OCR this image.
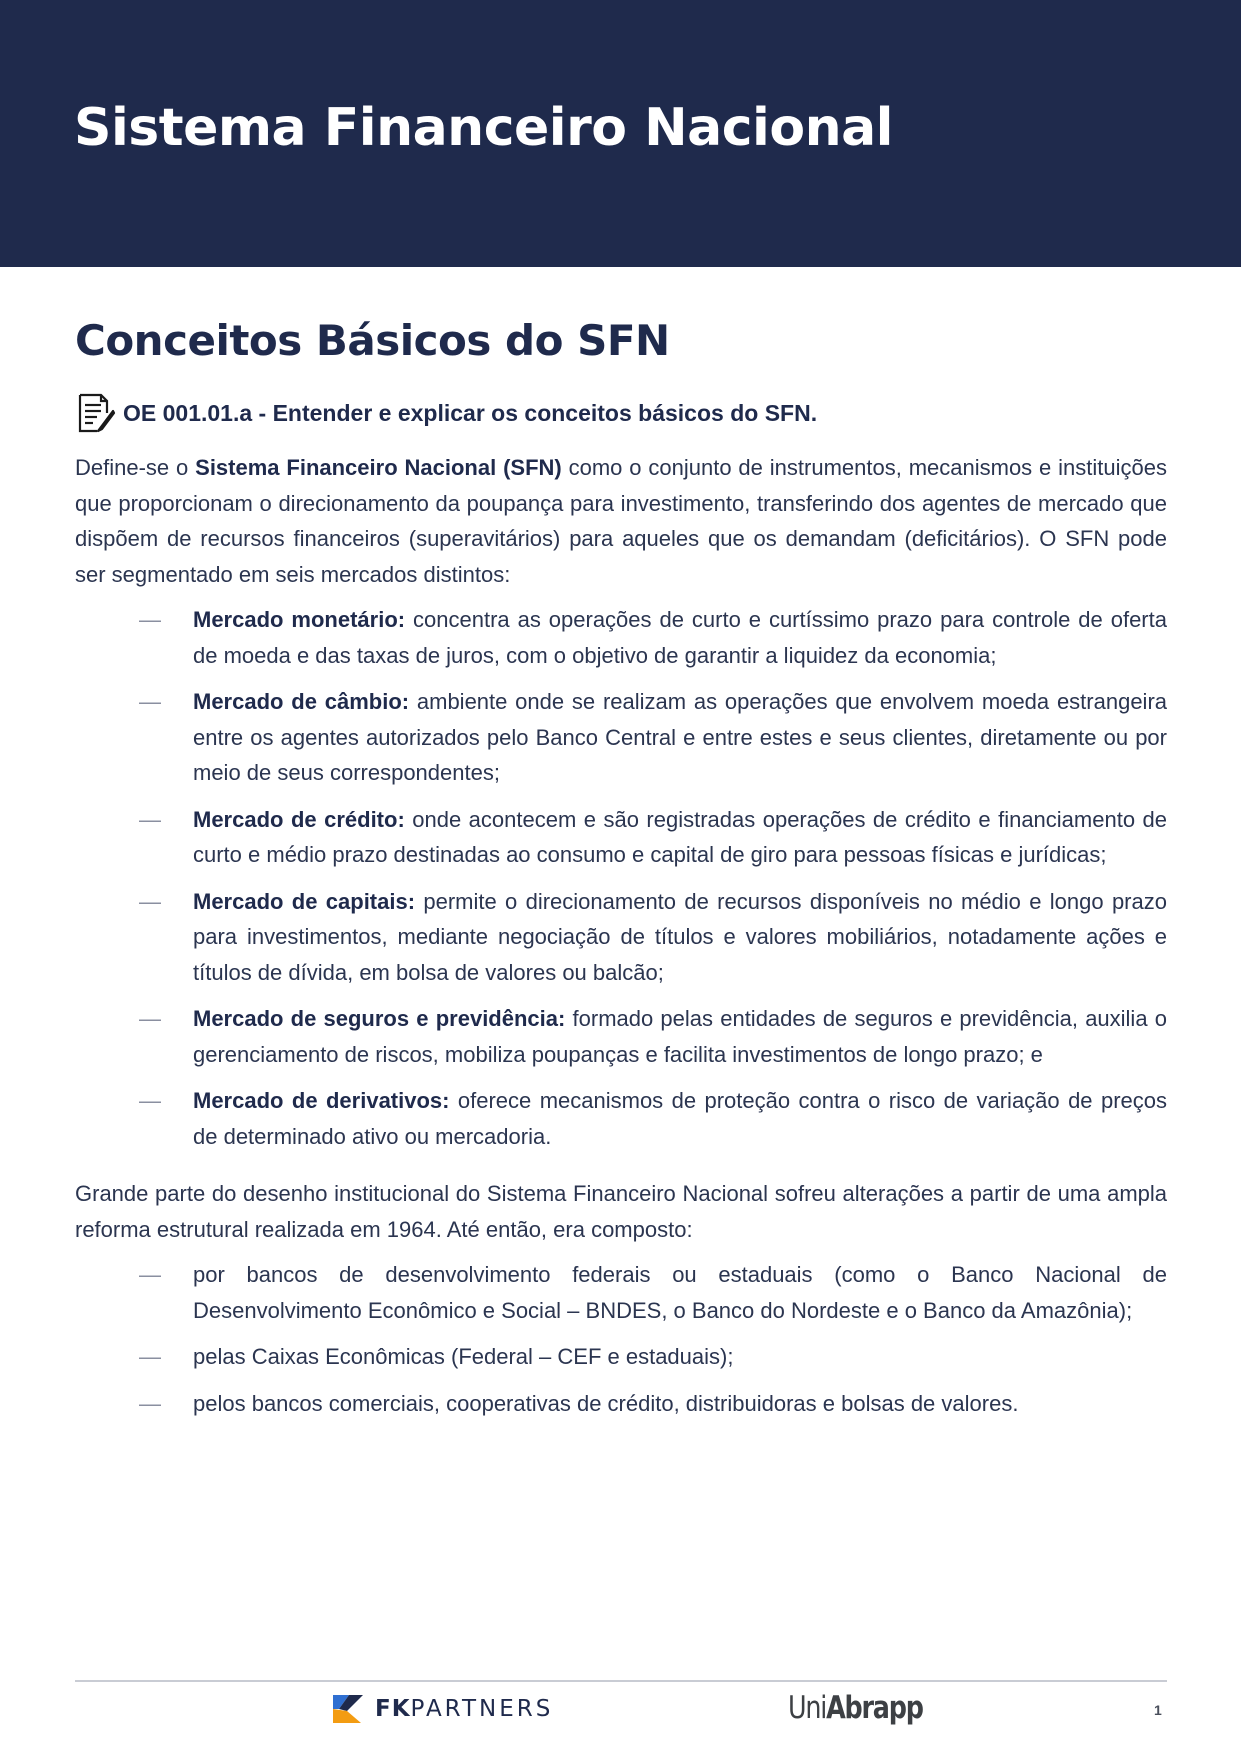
Sistema Financeiro Nacional
Conceitos Básicos do SFN
OE 001.01.a - Entender e explicar os conceitos básicos do SFN.

Define-se o Sistema Financeiro Nacional (SFN) como o conjunto de instrumentos, mecanismos e instituições que proporcionam o direcionamento da poupança para investimento, transferindo dos agentes de mercado que dispõem de recursos financeiros (superavitários) para aqueles que os demandam (deficitários). O SFN pode ser segmentado em seis mercados distintos:

— Mercado monetário: concentra as operações de curto e curtíssimo prazo para controle de oferta de moeda e das taxas de juros, com o objetivo de garantir a liquidez da economia;
— Mercado de câmbio: ambiente onde se realizam as operações que envolvem moeda estrangeira entre os agentes autorizados pelo Banco Central e entre estes e seus clientes, diretamente ou por meio de seus correspondentes;
— Mercado de crédito: onde acontecem e são registradas operações de crédito e financiamento de curto e médio prazo destinadas ao consumo e capital de giro para pessoas físicas e jurídicas;
— Mercado de capitais: permite o direcionamento de recursos disponíveis no médio e longo prazo para investimentos, mediante negociação de títulos e valores mobiliários, notadamente ações e títulos de dívida, em bolsa de valores ou balcão;
— Mercado de seguros e previdência: formado pelas entidades de seguros e previdência, auxilia o gerenciamento de riscos, mobiliza poupanças e facilita investimentos de longo prazo; e
— Mercado de derivativos: oferece mecanismos de proteção contra o risco de variação de preços de determinado ativo ou mercadoria.

Grande parte do desenho institucional do Sistema Financeiro Nacional sofreu alterações a partir de uma ampla reforma estrutural realizada em 1964. Até então, era composto:

— por bancos de desenvolvimento federais ou estaduais (como o Banco Nacional de Desenvolvimento Econômico e Social – BNDES, o Banco do Nordeste e o Banco da Amazônia);
— pelas Caixas Econômicas (Federal – CEF e estaduais);
— pelos bancos comerciais, cooperativas de crédito, distribuidoras e bolsas de valores.
FK PARTNERS	UniAbrapp	1
